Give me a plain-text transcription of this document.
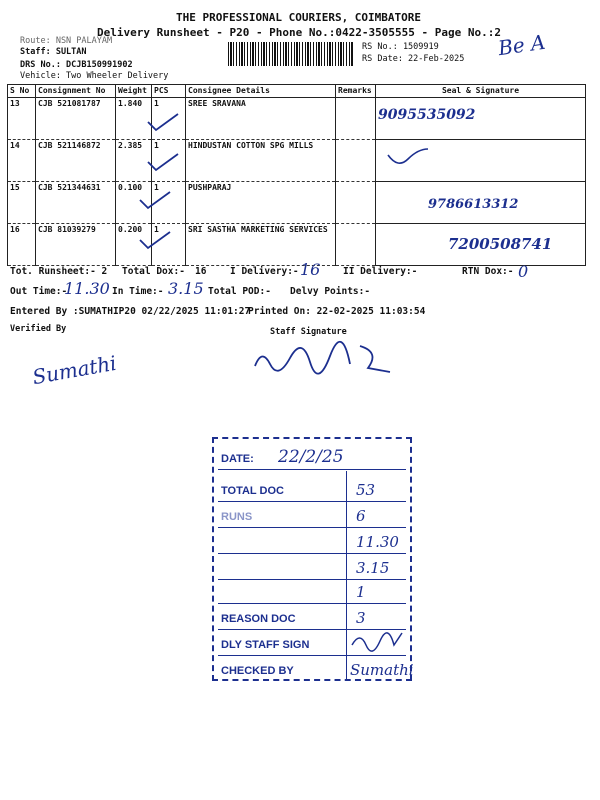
THE PROFESSIONAL COURIERS, COIMBATORE
Delivery Runsheet - P20 - Phone No.:0422-3505555 - Page No.:2
Route: NSN PALAYAM
Staff: SULTAN
DRS No.: DCJB150991902
Vehicle: Two Wheeler Delivery
RS No.: 1509919
RS Date: 22-Feb-2025 Be A
S No	Consignment No	Weight	PCS	Consignee Details	Remarks	Seal & Signature
13	CJB 521081787	1.840	1	SREE SRAVANA		9095535092
14	CJB 521146872	2.385	1	HINDUSTAN COTTON SPG MILLS		
15	CJB 521344631	0.100	1	PUSHPARAJ		9786613312
16	CJB 81039279	0.200	1	SRI SASTHA MARKETING SERVICES		7200508741
Tot. Runsheet:- 2 Total Dox:- 16 I Delivery:- 16 II Delivery:-	RTN Dox:- 0
Out Time:-
11.30 In Time:- 3.15 Total POD:- Delvy Points:-
Entered By :SUMATHIP20 02/22/2025 11:01:27
Printed On: 22-02-2025 11:03:54
Verified By	Staff Signature
Sumathi
DATE: 22/2/25
TOTAL DOC	53
RUNS	6
11.30
3.15
1
REASON DOC	3
DLY STAFF SIGN
CHECKED BY	Sumathi
